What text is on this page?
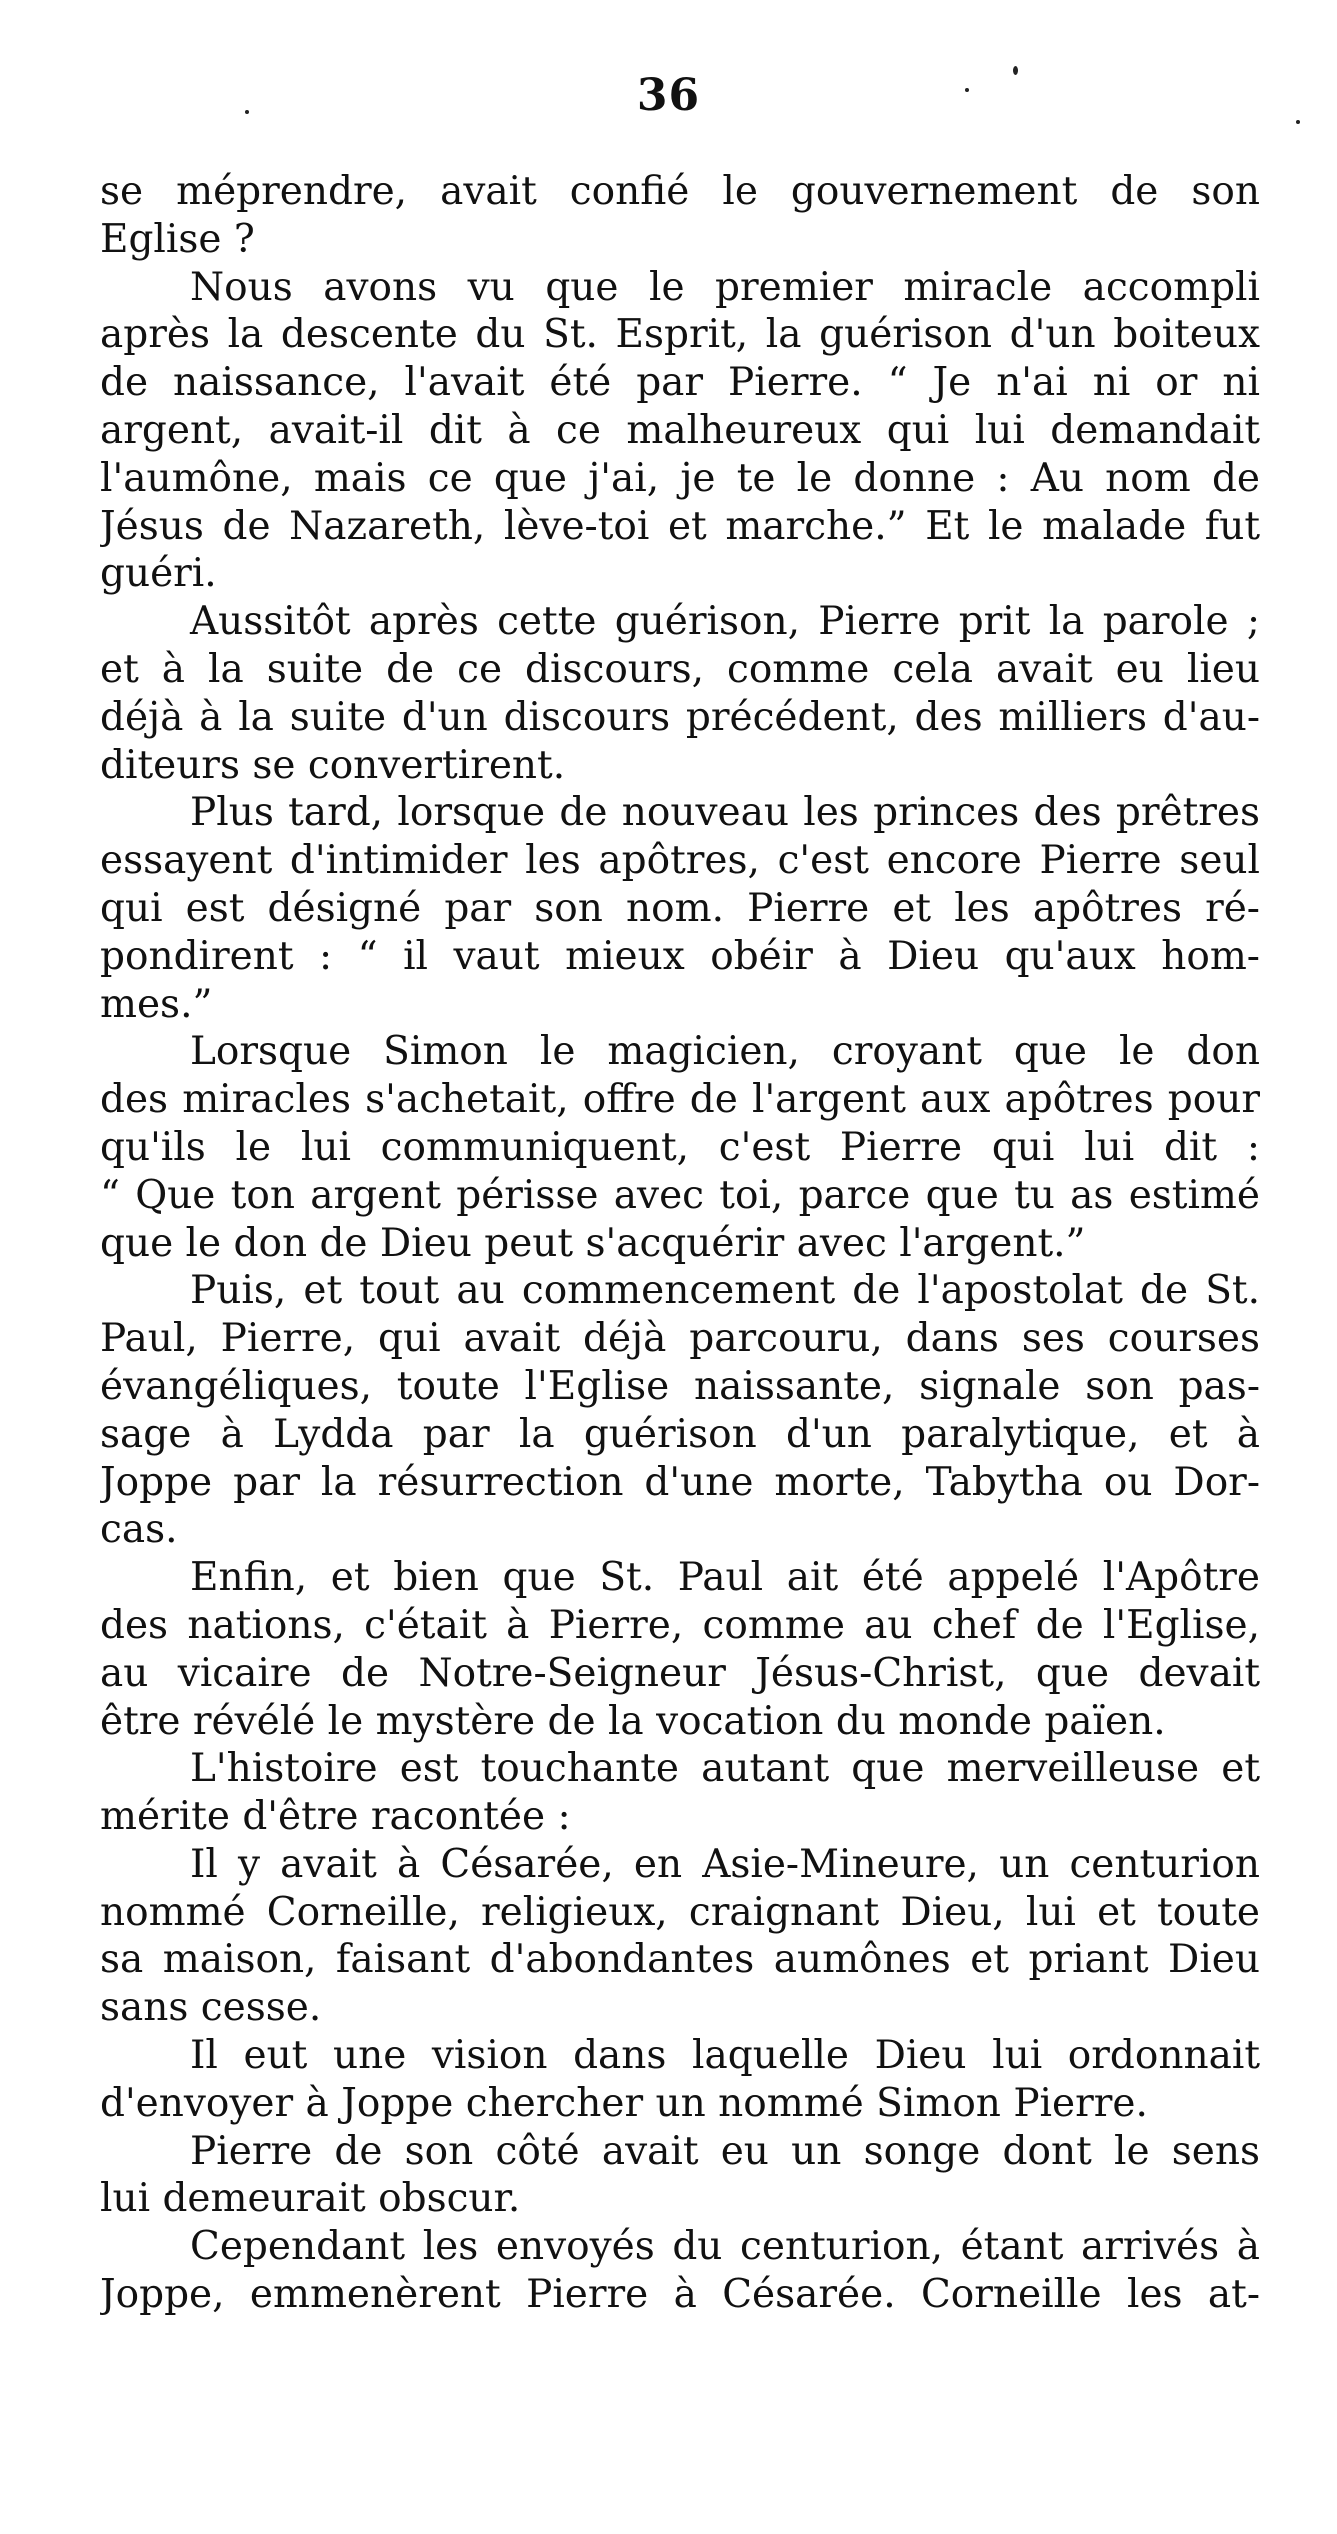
36
se méprendre, avait confié le gouvernement de son
Eglise ?
Nous avons vu que le premier miracle accompli
après la descente du St. Esprit, la guérison d'un boiteux
de naissance, l'avait été par Pierre. “ Je n'ai ni or ni
argent, avait-il dit à ce malheureux qui lui demandait
l'aumône, mais ce que j'ai, je te le donne : Au nom de
Jésus de Nazareth, lève-toi et marche.” Et le malade fut
guéri.
Aussitôt après cette guérison, Pierre prit la parole ;
et à la suite de ce discours, comme cela avait eu lieu
déjà à la suite d'un discours précédent, des milliers d'au-
diteurs se convertirent.
Plus tard, lorsque de nouveau les princes des prêtres
essayent d'intimider les apôtres, c'est encore Pierre seul
qui est désigné par son nom. Pierre et les apôtres ré-
pondirent : “ il vaut mieux obéir à Dieu qu'aux hom-
mes.”
Lorsque Simon le magicien, croyant que le don
des miracles s'achetait, offre de l'argent aux apôtres pour
qu'ils le lui communiquent, c'est Pierre qui lui dit :
“ Que ton argent périsse avec toi, parce que tu as estimé
que le don de Dieu peut s'acquérir avec l'argent.”
Puis, et tout au commencement de l'apostolat de St.
Paul, Pierre, qui avait déjà parcouru, dans ses courses
évangéliques, toute l'Eglise naissante, signale son pas-
sage à Lydda par la guérison d'un paralytique, et à
Joppe par la résurrection d'une morte, Tabytha ou Dor-
cas.
Enfin, et bien que St. Paul ait été appelé l'Apôtre
des nations, c'était à Pierre, comme au chef de l'Eglise,
au vicaire de Notre-Seigneur Jésus-Christ, que devait
être révélé le mystère de la vocation du monde païen.
L'histoire est touchante autant que merveilleuse et
mérite d'être racontée :
Il y avait à Césarée, en Asie-Mineure, un centurion
nommé Corneille, religieux, craignant Dieu, lui et toute
sa maison, faisant d'abondantes aumônes et priant Dieu
sans cesse.
Il eut une vision dans laquelle Dieu lui ordonnait
d'envoyer à Joppe chercher un nommé Simon Pierre.
Pierre de son côté avait eu un songe dont le sens
lui demeurait obscur.
Cependant les envoyés du centurion, étant arrivés à
Joppe, emmenèrent Pierre à Césarée. Corneille les at-
